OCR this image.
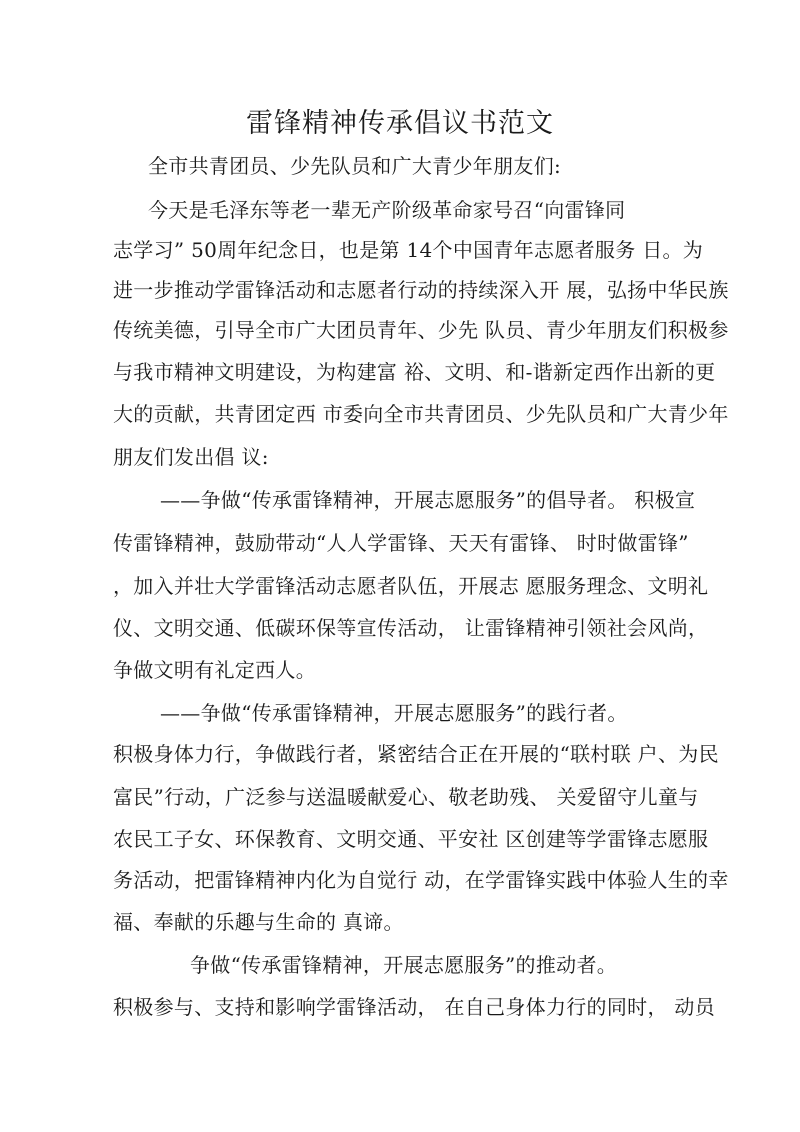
雷锋精神传承倡议书范文
全市共青团员、少先队员和广大青少年朋友们:
今天是毛泽东等老一辈无产阶级革命家号召“向雷锋同
志学习” 50周年纪念日，也是第 14个中国青年志愿者服务 日。为
进一步推动学雷锋活动和志愿者行动的持续深入开 展，弘扬中华民族
传统美德，引导全市广大团员青年、少先 队员、青少年朋友们积极参
与我市精神文明建设，为构建富 裕、文明、和-谐新定西作出新的更
大的贡献，共青团定西 市委向全市共青团员、少先队员和广大青少年
朋友们发出倡 议:
——争做“传承雷锋精神，开展志愿服务”的倡导者。 积极宣
传雷锋精神，鼓励带动“人人学雷锋、天天有雷锋、 时时做雷锋”
，加入并壮大学雷锋活动志愿者队伍，开展志 愿服务理念、文明礼
仪、文明交通、低碳环保等宣传活动， 让雷锋精神引领社会风尚，
争做文明有礼定西人。
——争做“传承雷锋精神，开展志愿服务”的践行者。
积极身体力行，争做践行者，紧密结合正在开展的“联村联 户、为民
富民”行动，广泛参与送温暖献爱心、敬老助残、 关爱留守儿童与
农民工子女、环保教育、文明交通、平安社 区创建等学雷锋志愿服
务活动，把雷锋精神内化为自觉行 动，在学雷锋实践中体验人生的幸
福、奉献的乐趣与生命的 真谛。
争做“传承雷锋精神，开展志愿服务”的推动者。
积极参与、支持和影响学雷锋活动， 在自己身体力行的同时， 动员
